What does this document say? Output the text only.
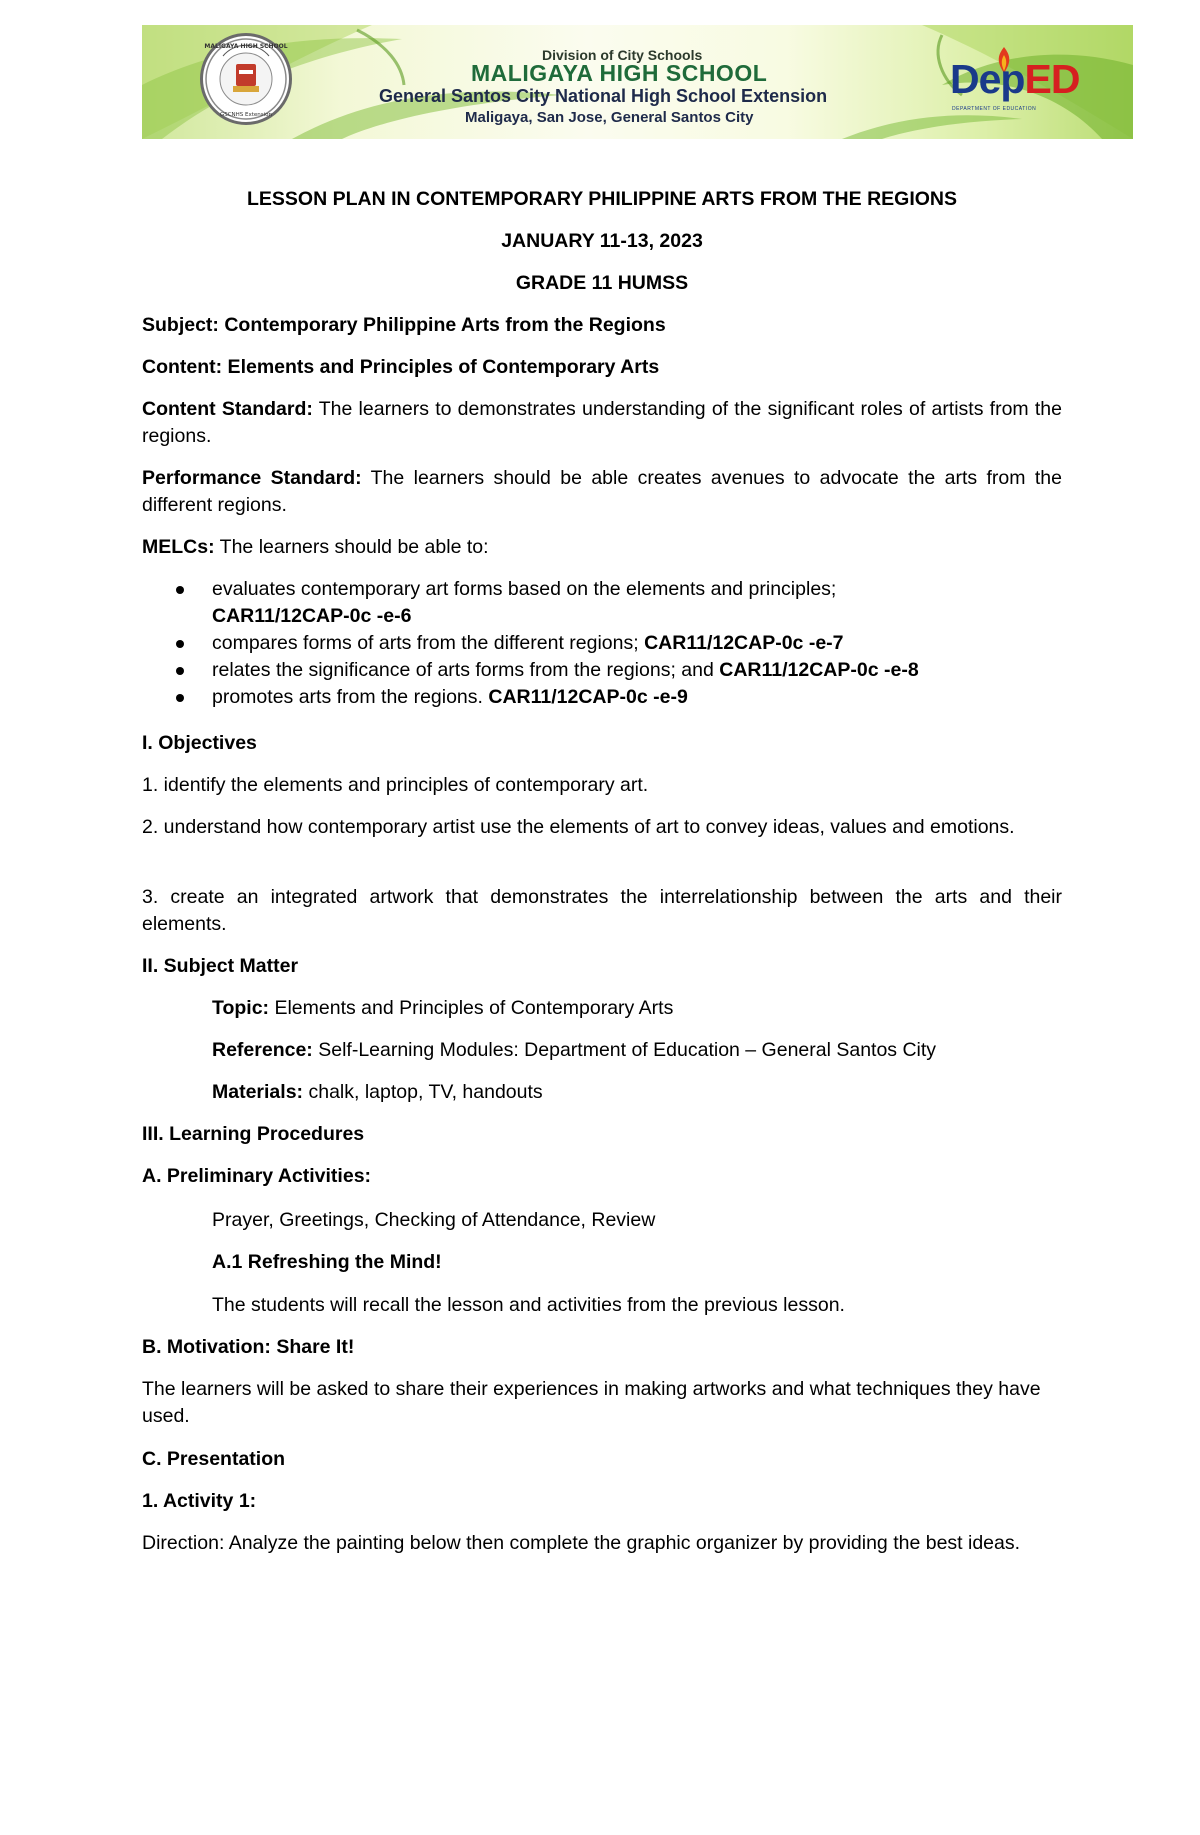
MALIGAYA HIGH SCHOOL
GSCNHS Extension
Division of City Schools
MALIGAYA HIGH SCHOOL
General Santos City National High School Extension
Maligaya, San Jose, General Santos City
DepED
DEPARTMENT OF EDUCATION
LESSON PLAN IN CONTEMPORARY PHILIPPINE ARTS FROM THE REGIONS
JANUARY 11-13, 2023
GRADE 11 HUMSS
Subject: Contemporary Philippine Arts from the Regions
Content: Elements and Principles of Contemporary Arts
Content Standard: The learners to demonstrates understanding of the significant roles of artists from the regions.
Performance Standard: The learners should be able creates avenues to advocate the arts from the different regions.
MELCs: The learners should be able to:
evaluates contemporary art forms based on the elements and principles;
CAR11/12CAP-0c -e-6
compares forms of arts from the different regions; CAR11/12CAP-0c -e-7
relates the significance of arts forms from the regions; and CAR11/12CAP-0c -e-8
promotes arts from the regions. CAR11/12CAP-0c -e-9
I. Objectives
1. identify the elements and principles of contemporary art.
2. understand how contemporary artist use the elements of art to convey ideas, values and emotions.
3. create an integrated artwork that demonstrates the interrelationship between the arts and their elements.
II. Subject Matter
Topic: Elements and Principles of Contemporary Arts
Reference: Self-Learning Modules: Department of Education – General Santos City
Materials: chalk, laptop, TV, handouts
III. Learning Procedures
A. Preliminary Activities:
Prayer, Greetings, Checking of Attendance, Review
A.1 Refreshing the Mind!
The students will recall the lesson and activities from the previous lesson.
B. Motivation: Share It!
The learners will be asked to share their experiences in making artworks and what techniques they have used.
C. Presentation
1. Activity 1:
Direction: Analyze the painting below then complete the graphic organizer by providing the best ideas.
